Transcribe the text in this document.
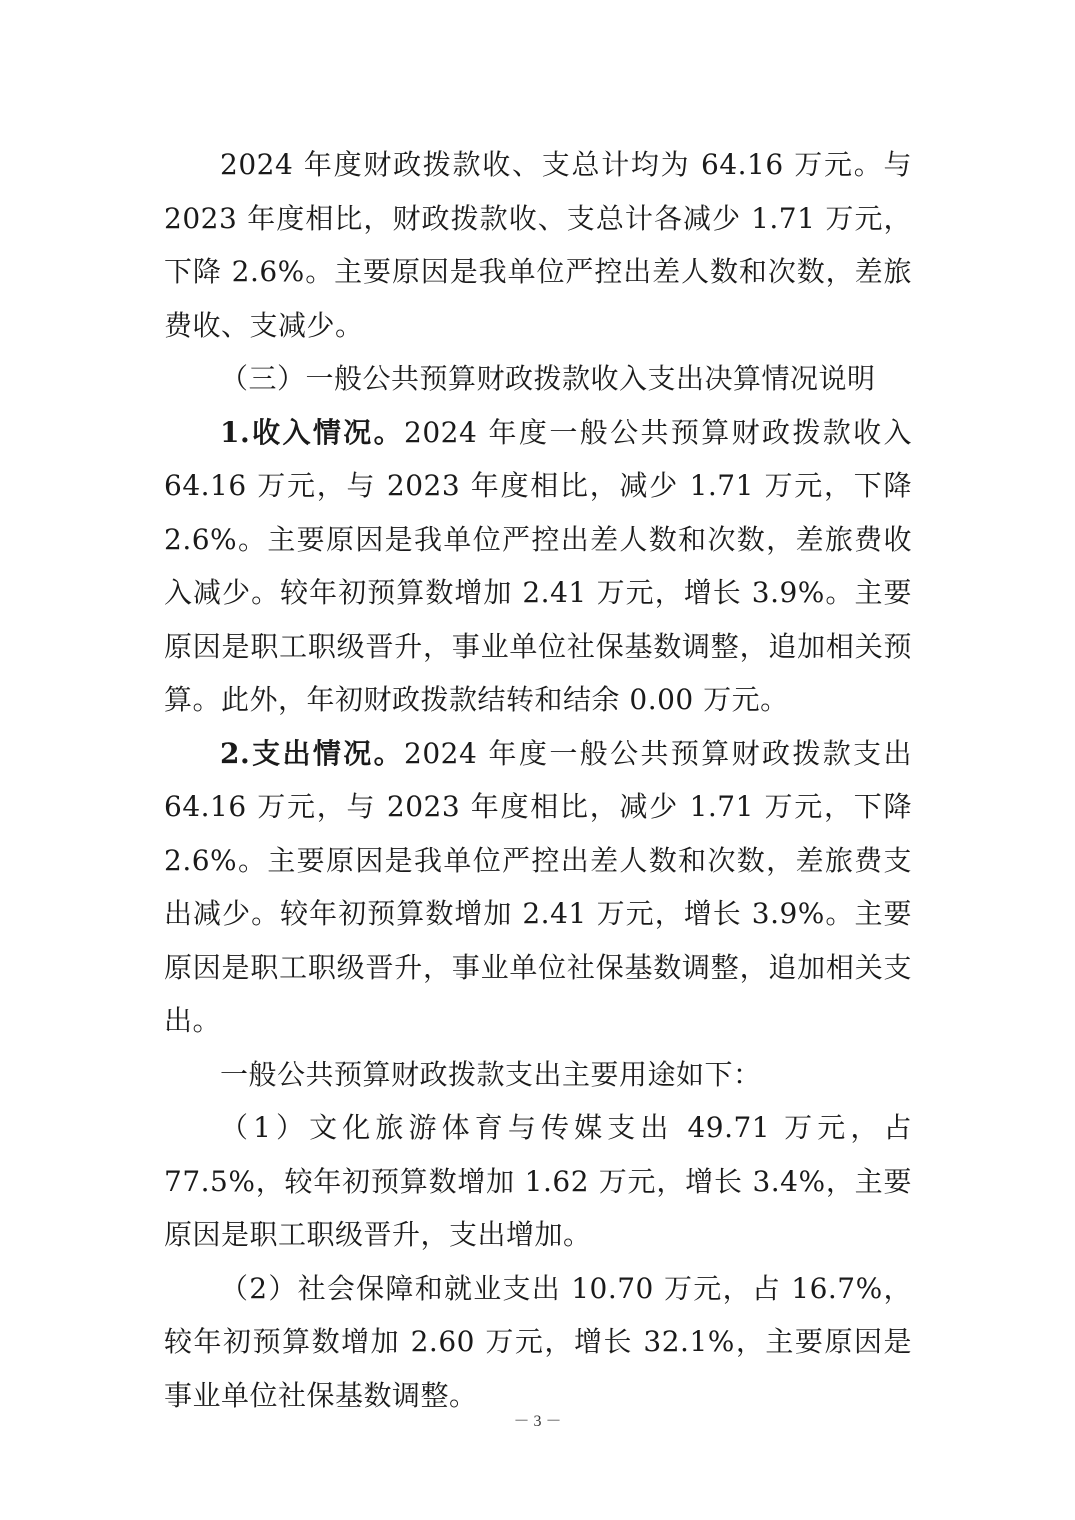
2024 年度财政拨款收、支总计均为 64.16 万元。与 2023 年度相比，财政拨款收、支总计各减少 1.71 万元，下降 2.6%。主要原因是我单位严控出差人数和次数，差旅费收、支减少。

（三）一般公共预算财政拨款收入支出决算情况说明

1.收入情况。2024 年度一般公共预算财政拨款收入 64.16 万元，与 2023 年度相比，减少 1.71 万元，下降 2.6%。主要原因是我单位严控出差人数和次数，差旅费收入减少。较年初预算数增加 2.41 万元，增长 3.9%。主要原因是职工职级晋升，事业单位社保基数调整，追加相关预算。此外，年初财政拨款结转和结余 0.00 万元。

2.支出情况。2024 年度一般公共预算财政拨款支出 64.16 万元，与 2023 年度相比，减少 1.71 万元，下降 2.6%。主要原因是我单位严控出差人数和次数，差旅费支出减少。较年初预算数增加 2.41 万元，增长 3.9%。主要原因是职工职级晋升，事业单位社保基数调整，追加相关支出。

一般公共预算财政拨款支出主要用途如下：

（1）文化旅游体育与传媒支出 49.71 万元，占 77.5%，较年初预算数增加 1.62 万元，增长 3.4%，主要原因是职工职级晋升，支出增加。

（2）社会保障和就业支出 10.70 万元，占 16.7%，较年初预算数增加 2.60 万元，增长 32.1%，主要原因是事业单位社保基数调整。

－ 3 －
